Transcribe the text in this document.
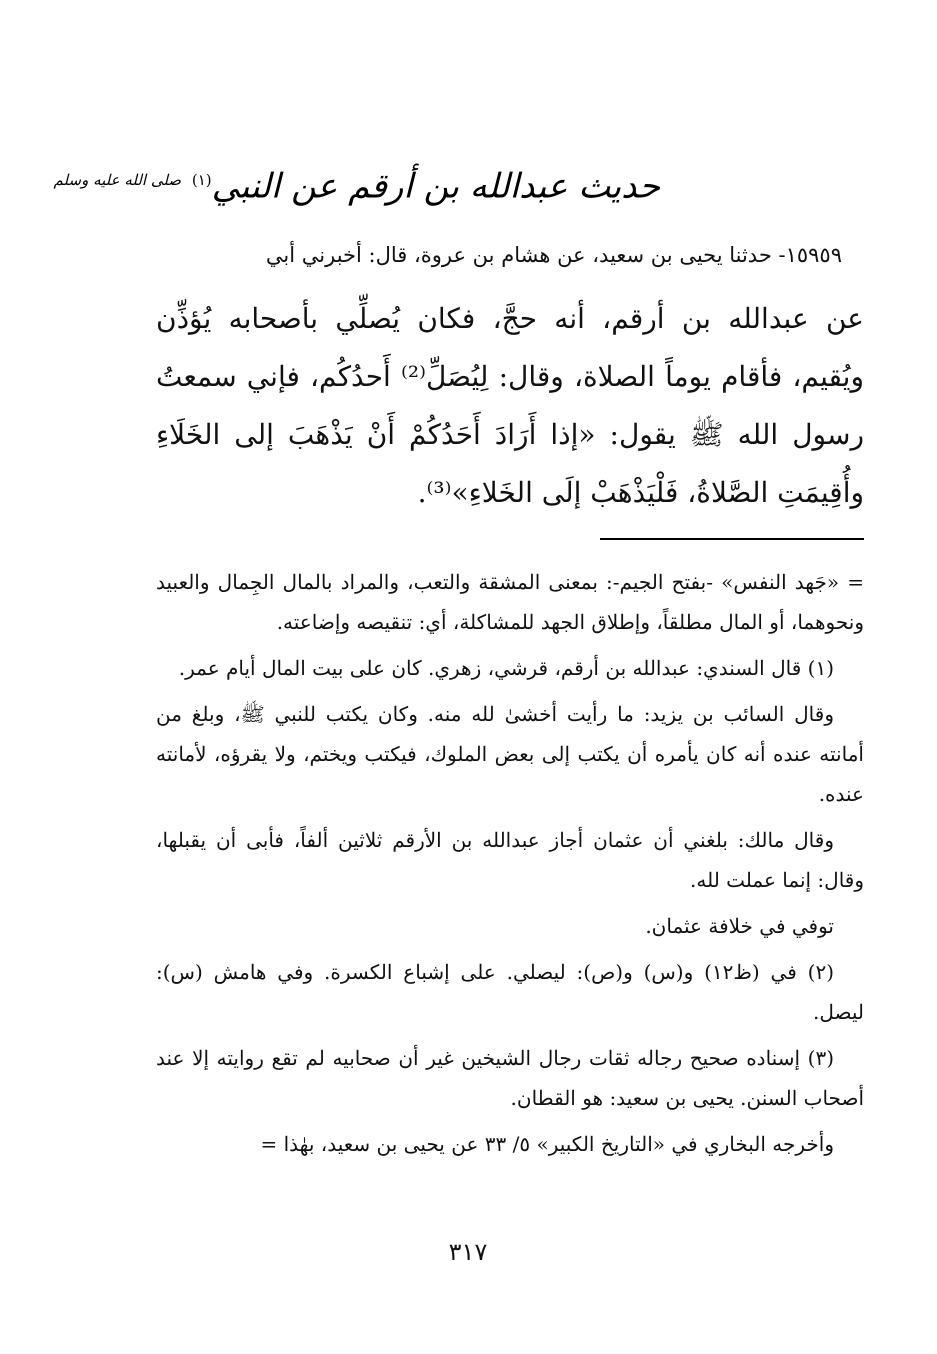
حديث عبدالله بن أرقم عن النبي$^{(١)}$ $^{صلى الله عليه وسلم}$

١٥٩٥٩- حدثنا يحيى بن سعيد، عن هشام بن عروة، قال: أخبرني أبي

عن عبدالله بن أرقم، أنه حجَّ، فكان يُصلِّي بأصحابه يُؤذِّن ويُقيم، فأقام يوماً الصلاة، وقال: لِيُصَلِّ⁽²⁾ أَحدُكُم، فإني سمعتُ رسول الله ﷺ يقول: «إذا أَرَادَ أَحَدُكُمْ أَنْ يَذْهَبَ إلى الخَلَاءِ وأُقِيمَتِ الصَّلاةُ، فَلْيَذْهَبْ إلَى الخَلاءِ»⁽³⁾.

= «جَهد النفس» -بفتح الجيم-: بمعنى المشقة والتعب، والمراد بالمال الجِمال والعبيد ونحوهما، أو المال مطلقاً، وإطلاق الجهد للمشاكلة، أي: تنقيصه وإضاعته.

(١) قال السندي: عبدالله بن أرقم، قرشي، زهري. كان على بيت المال أيام عمر.

وقال السائب بن يزيد: ما رأيت أخشىٰ لله منه. وكان يكتب للنبي ﷺ، وبلغ من أمانته عنده أنه كان يأمره أن يكتب إلى بعض الملوك، فيكتب ويختم، ولا يقرؤه، لأمانته عنده.

وقال مالك: بلغني أن عثمان أجاز عبدالله بن الأرقم ثلاثين ألفاً، فأبى أن يقبلها، وقال: إنما عملت لله.

توفي في خلافة عثمان.

(٢) في (ظ١٢) و(س) و(ص): ليصلي. على إشباع الكسرة. وفي هامش (س): ليصل.

(٣) إسناده صحيح رجاله ثقات رجال الشيخين غير أن صحابيه لم تقع روايته إلا عند أصحاب السنن. يحيى بن سعيد: هو القطان.

وأخرجه البخاري في «التاريخ الكبير» ٥/ ٣٣ عن يحيى بن سعيد، بهٰذا =

٣١٧
